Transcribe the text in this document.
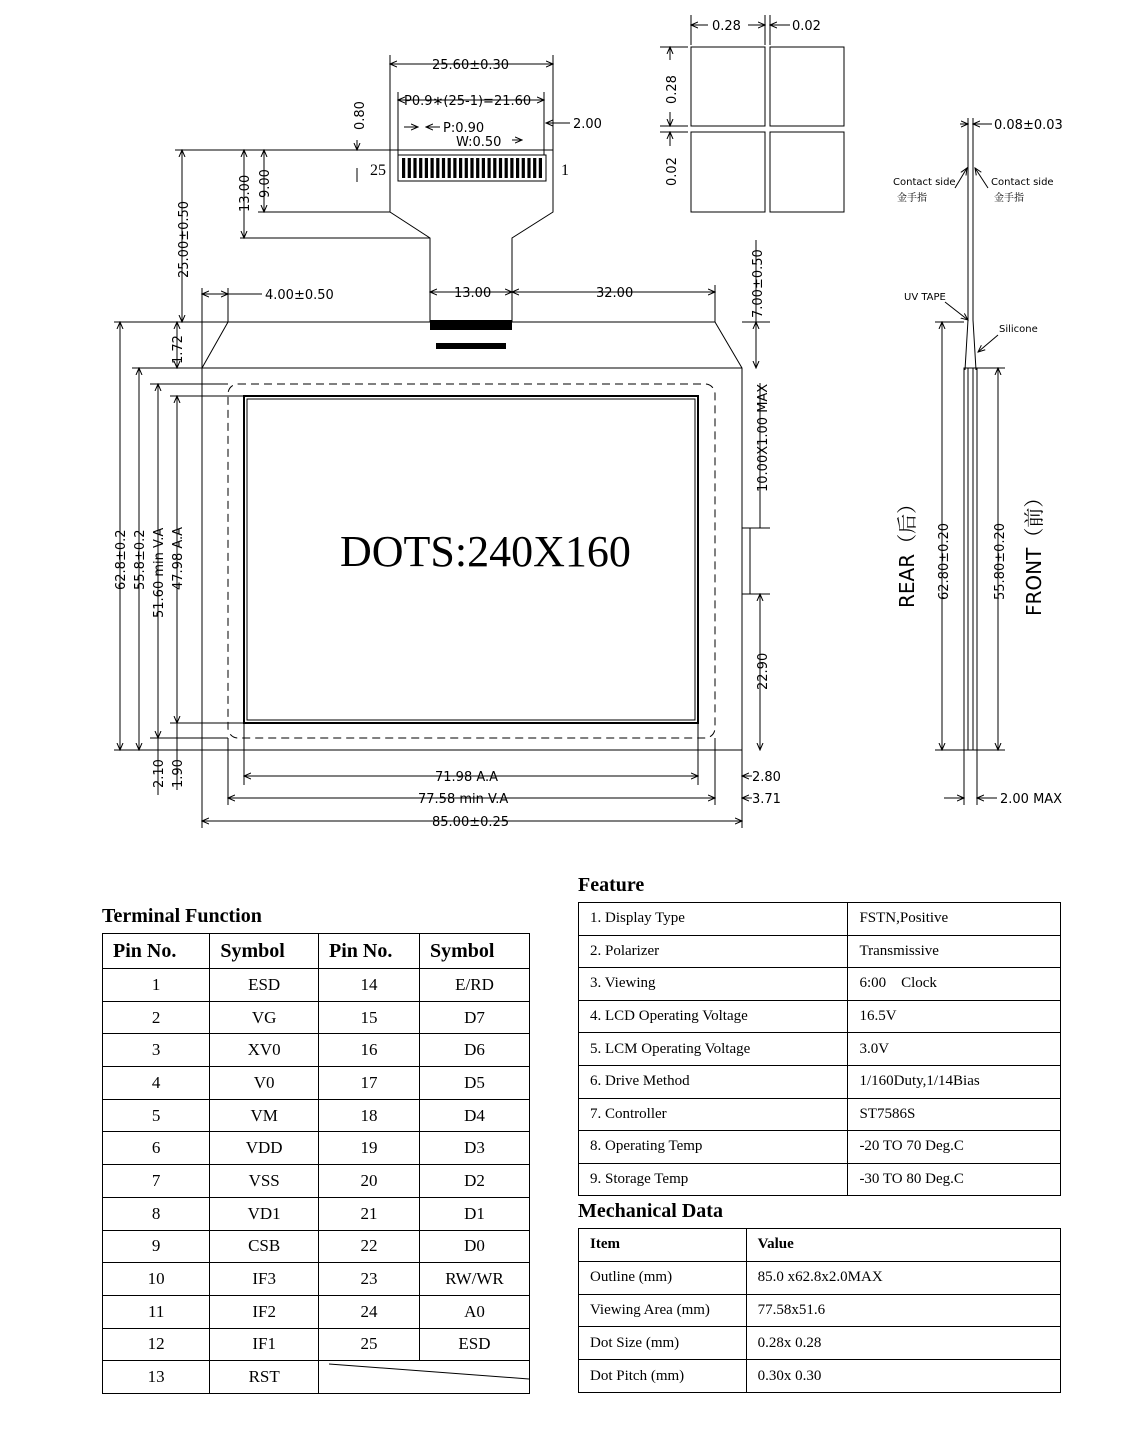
0.28	0.02
0.28
0.02
25.60±0.30
P0.9∗(25-1)=21.60
P:0.90
W:0.50
2.00
0.80
25	1
13.00 9.00
25.00±0.50
4.00±0.50	13.00	32.00	7.00±0.50
DOTS:240X160
10.00X1.00 MAX
22.90
62.8±0.2 55.8±0.2 51.60 min V.A 47.98 A.A
1.72
2.10 1.90	71.98 A.A
77.58 min V.A
85.00±0.25
2.80
3.71
0.08±0.03
Contact side
金手指
Contact side
金手指
UV TAPE
Silicone
62.80±0.20
REAR（后）	55.80±0.20 FRONT（前）
2.00 MAX
Terminal Function
Pin No.	Symbol	Pin No.	Symbol
1	ESD	14	E/RD
2	VG	15	D7
3	XV0	16	D6
4	V0	17	D5
5	VM	18	D4
6	VDD	19	D3
7	VSS	20	D2
8	VD1	21	D1
9	CSB	22	D0
10	IF3	23	RW/WR
11	IF2	24	A0
12	IF1	25	ESD
13	RST	
Feature
1. Display Type	FSTN,Positive
2. Polarizer	Transmissive
3. Viewing	6:00    Clock
4. LCD Operating Voltage	16.5V
5. LCM Operating Voltage	3.0V
6. Drive Method	1/160Duty,1/14Bias
7. Controller	ST7586S
8. Operating Temp	-20 TO 70 Deg.C
9. Storage Temp	-30 TO 80 Deg.C
Mechanical Data
Item	Value
Outline (mm)	85.0 x62.8x2.0MAX
Viewing Area (mm)	77.58x51.6
Dot Size (mm)	0.28x 0.28
Dot Pitch (mm)	0.30x 0.30
